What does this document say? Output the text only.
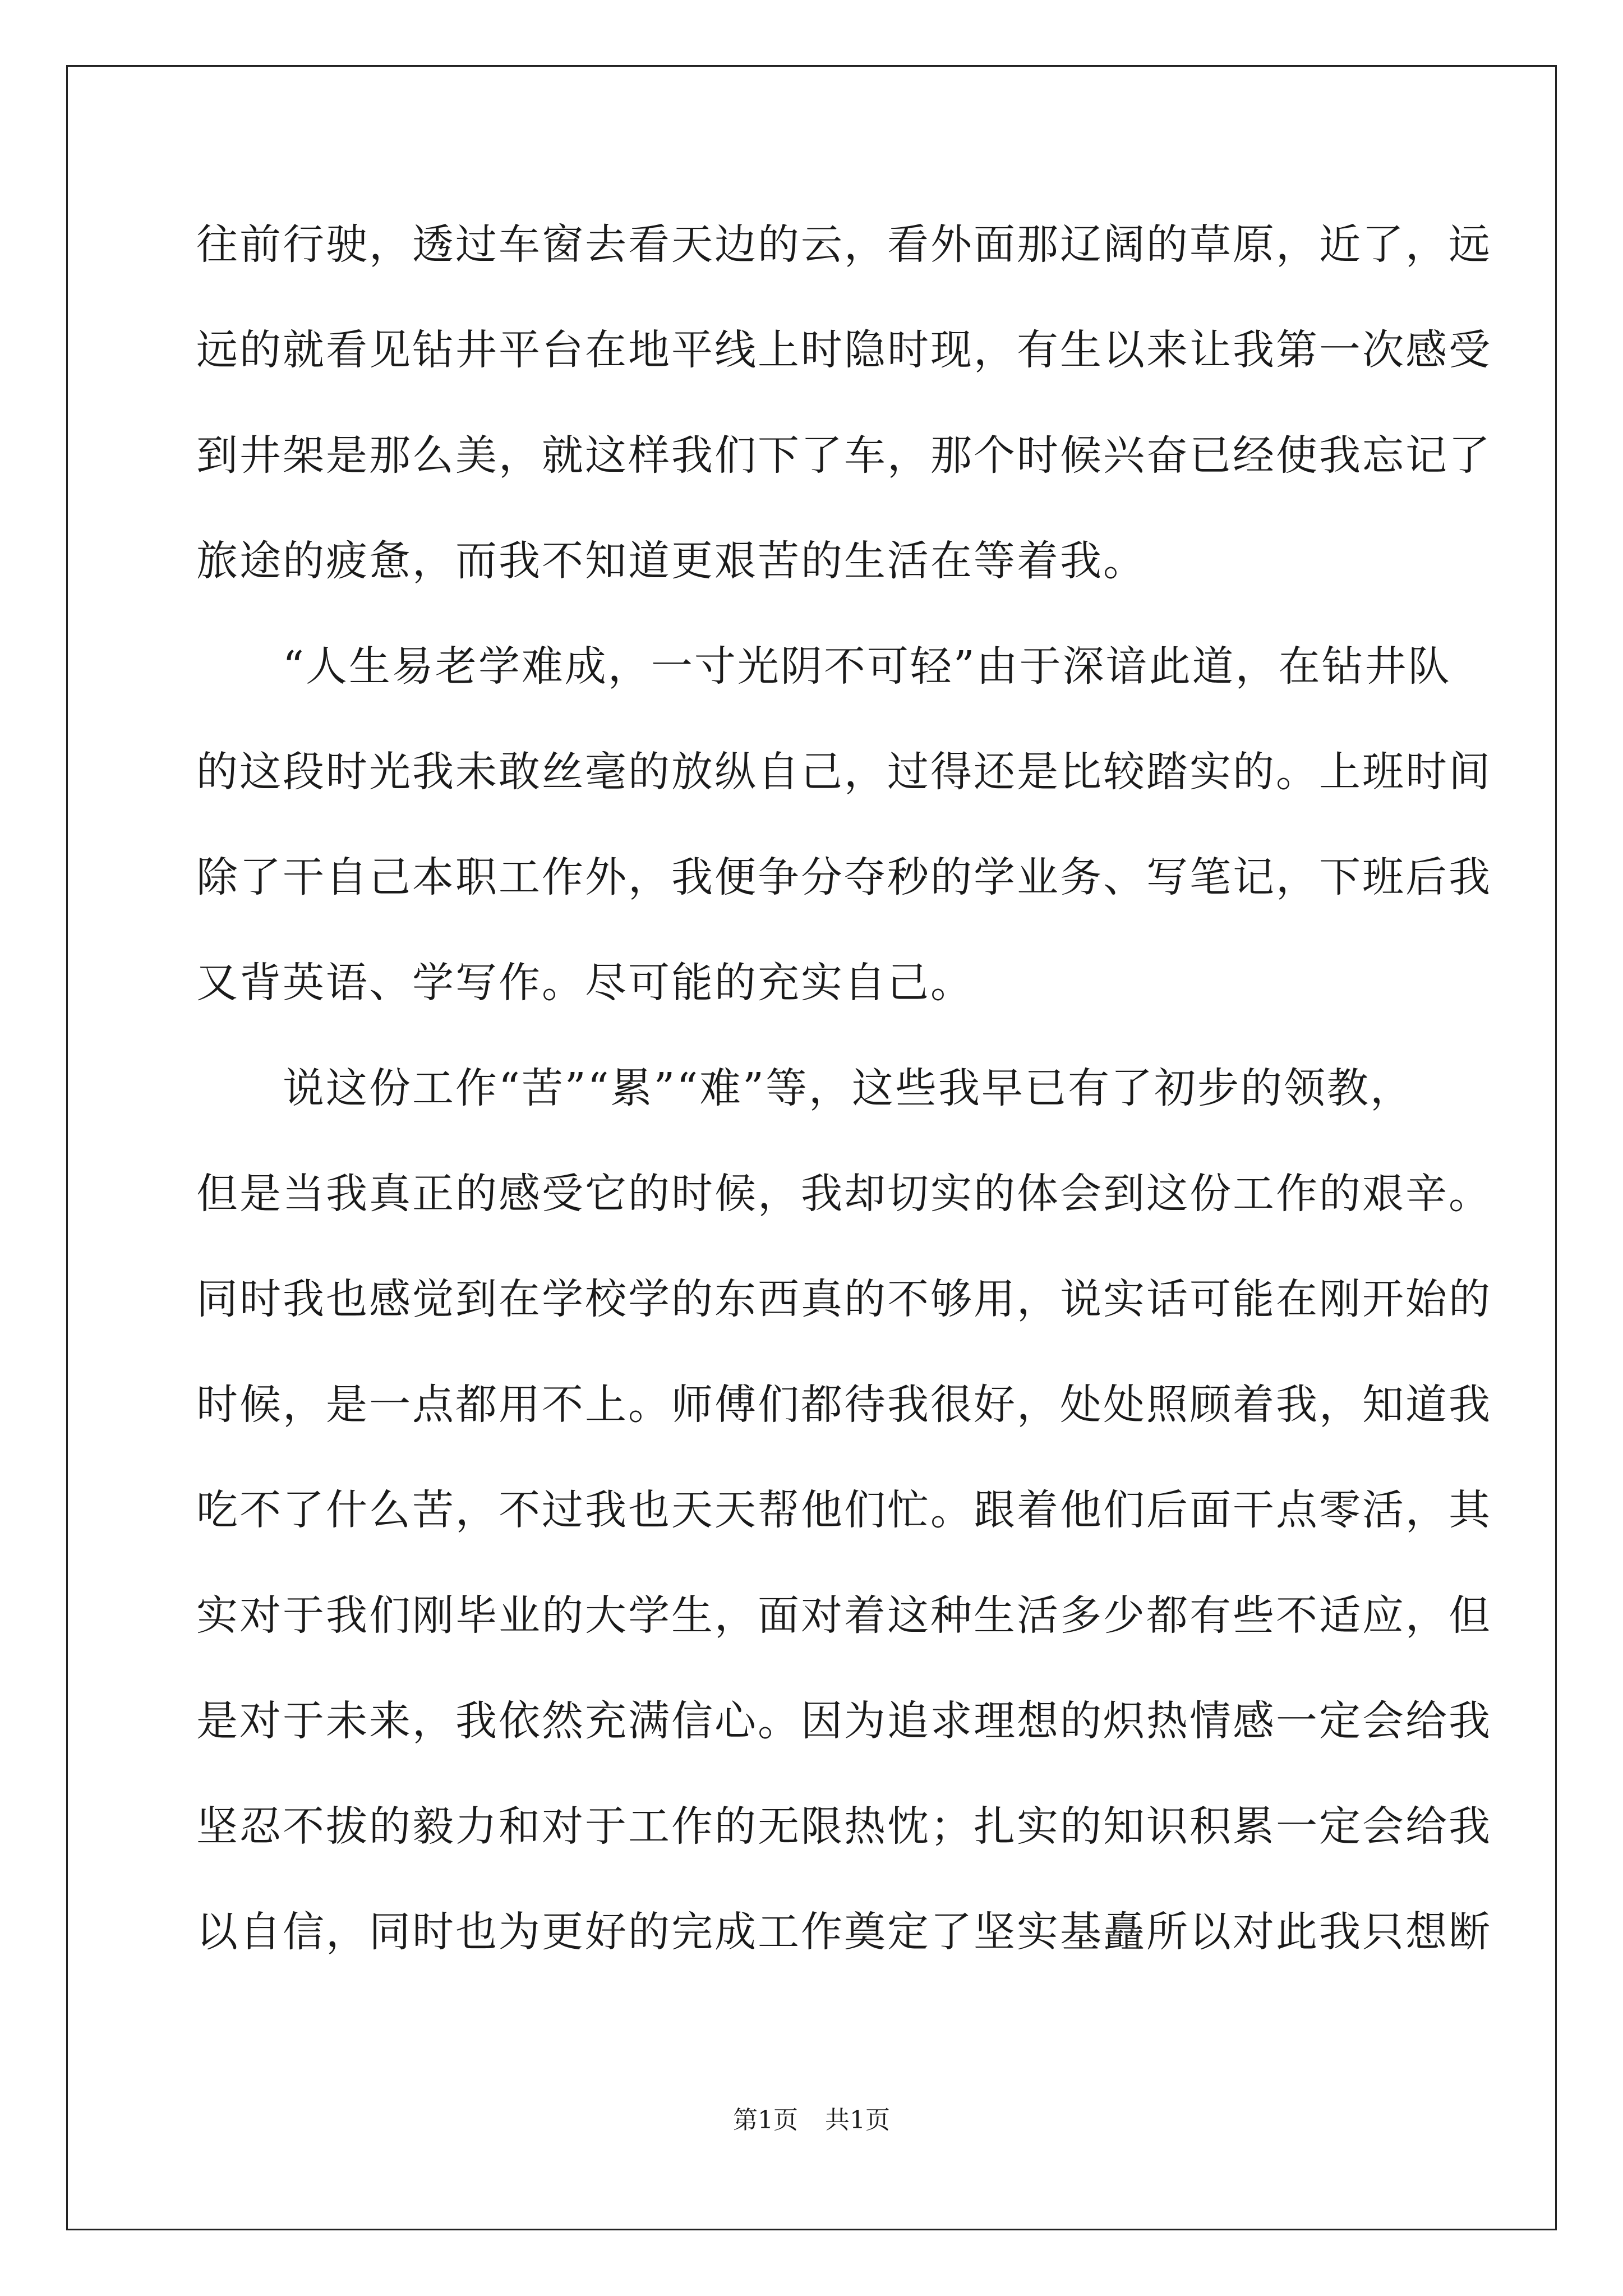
往前行驶，透过车窗去看天边的云，看外面那辽阔的草原，近了，远
远的就看见钻井平台在地平线上时隐时现，有生以来让我第一次感受
到井架是那么美，就这样我们下了车，那个时候兴奋已经使我忘记了
旅途的疲惫，而我不知道更艰苦的生活在等着我。
　　“人生易老学难成，一寸光阴不可轻”由于深谙此道，在钻井队
的这段时光我未敢丝毫的放纵自己，过得还是比较踏实的。上班时间
除了干自己本职工作外，我便争分夺秒的学业务、写笔记，下班后我
又背英语、学写作。尽可能的充实自己。
　　说这份工作“苦”“累”“难”等，这些我早已有了初步的领教，
但是当我真正的感受它的时候，我却切实的体会到这份工作的艰辛。
同时我也感觉到在学校学的东西真的不够用，说实话可能在刚开始的
时候，是一点都用不上。师傅们都待我很好，处处照顾着我，知道我
吃不了什么苦，不过我也天天帮他们忙。跟着他们后面干点零活，其
实对于我们刚毕业的大学生，面对着这种生活多少都有些不适应，但
是对于未来，我依然充满信心。因为追求理想的炽热情感一定会给我
坚忍不拔的毅力和对于工作的无限热忱；扎实的知识积累一定会给我
以自信，同时也为更好的完成工作奠定了坚实基矗所以对此我只想断
第1页 共1页
